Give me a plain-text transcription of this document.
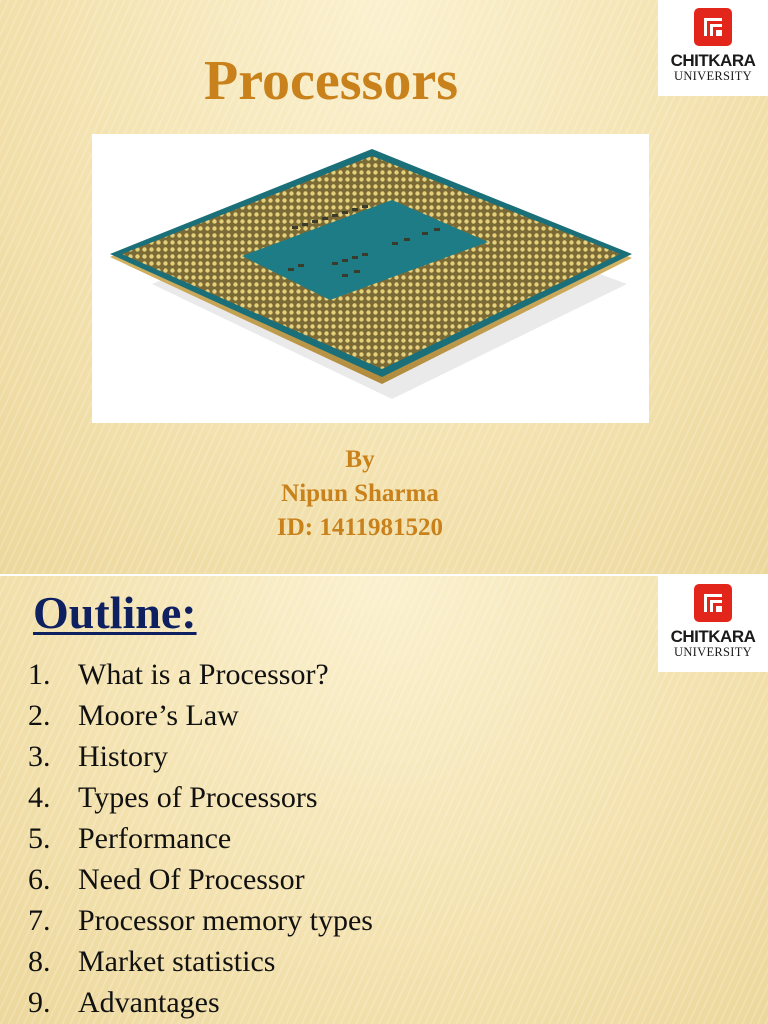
CHITKARA
UNIVERSITY
Processors
By
Nipun Sharma
ID: 1411981520
CHITKARA
UNIVERSITY
Outline:
1. What is a Processor?
2. Moore’s Law
3. History
4. Types of Processors
5. Performance
6. Need Of Processor
7. Processor memory types
8. Market statistics
9. Advantages
